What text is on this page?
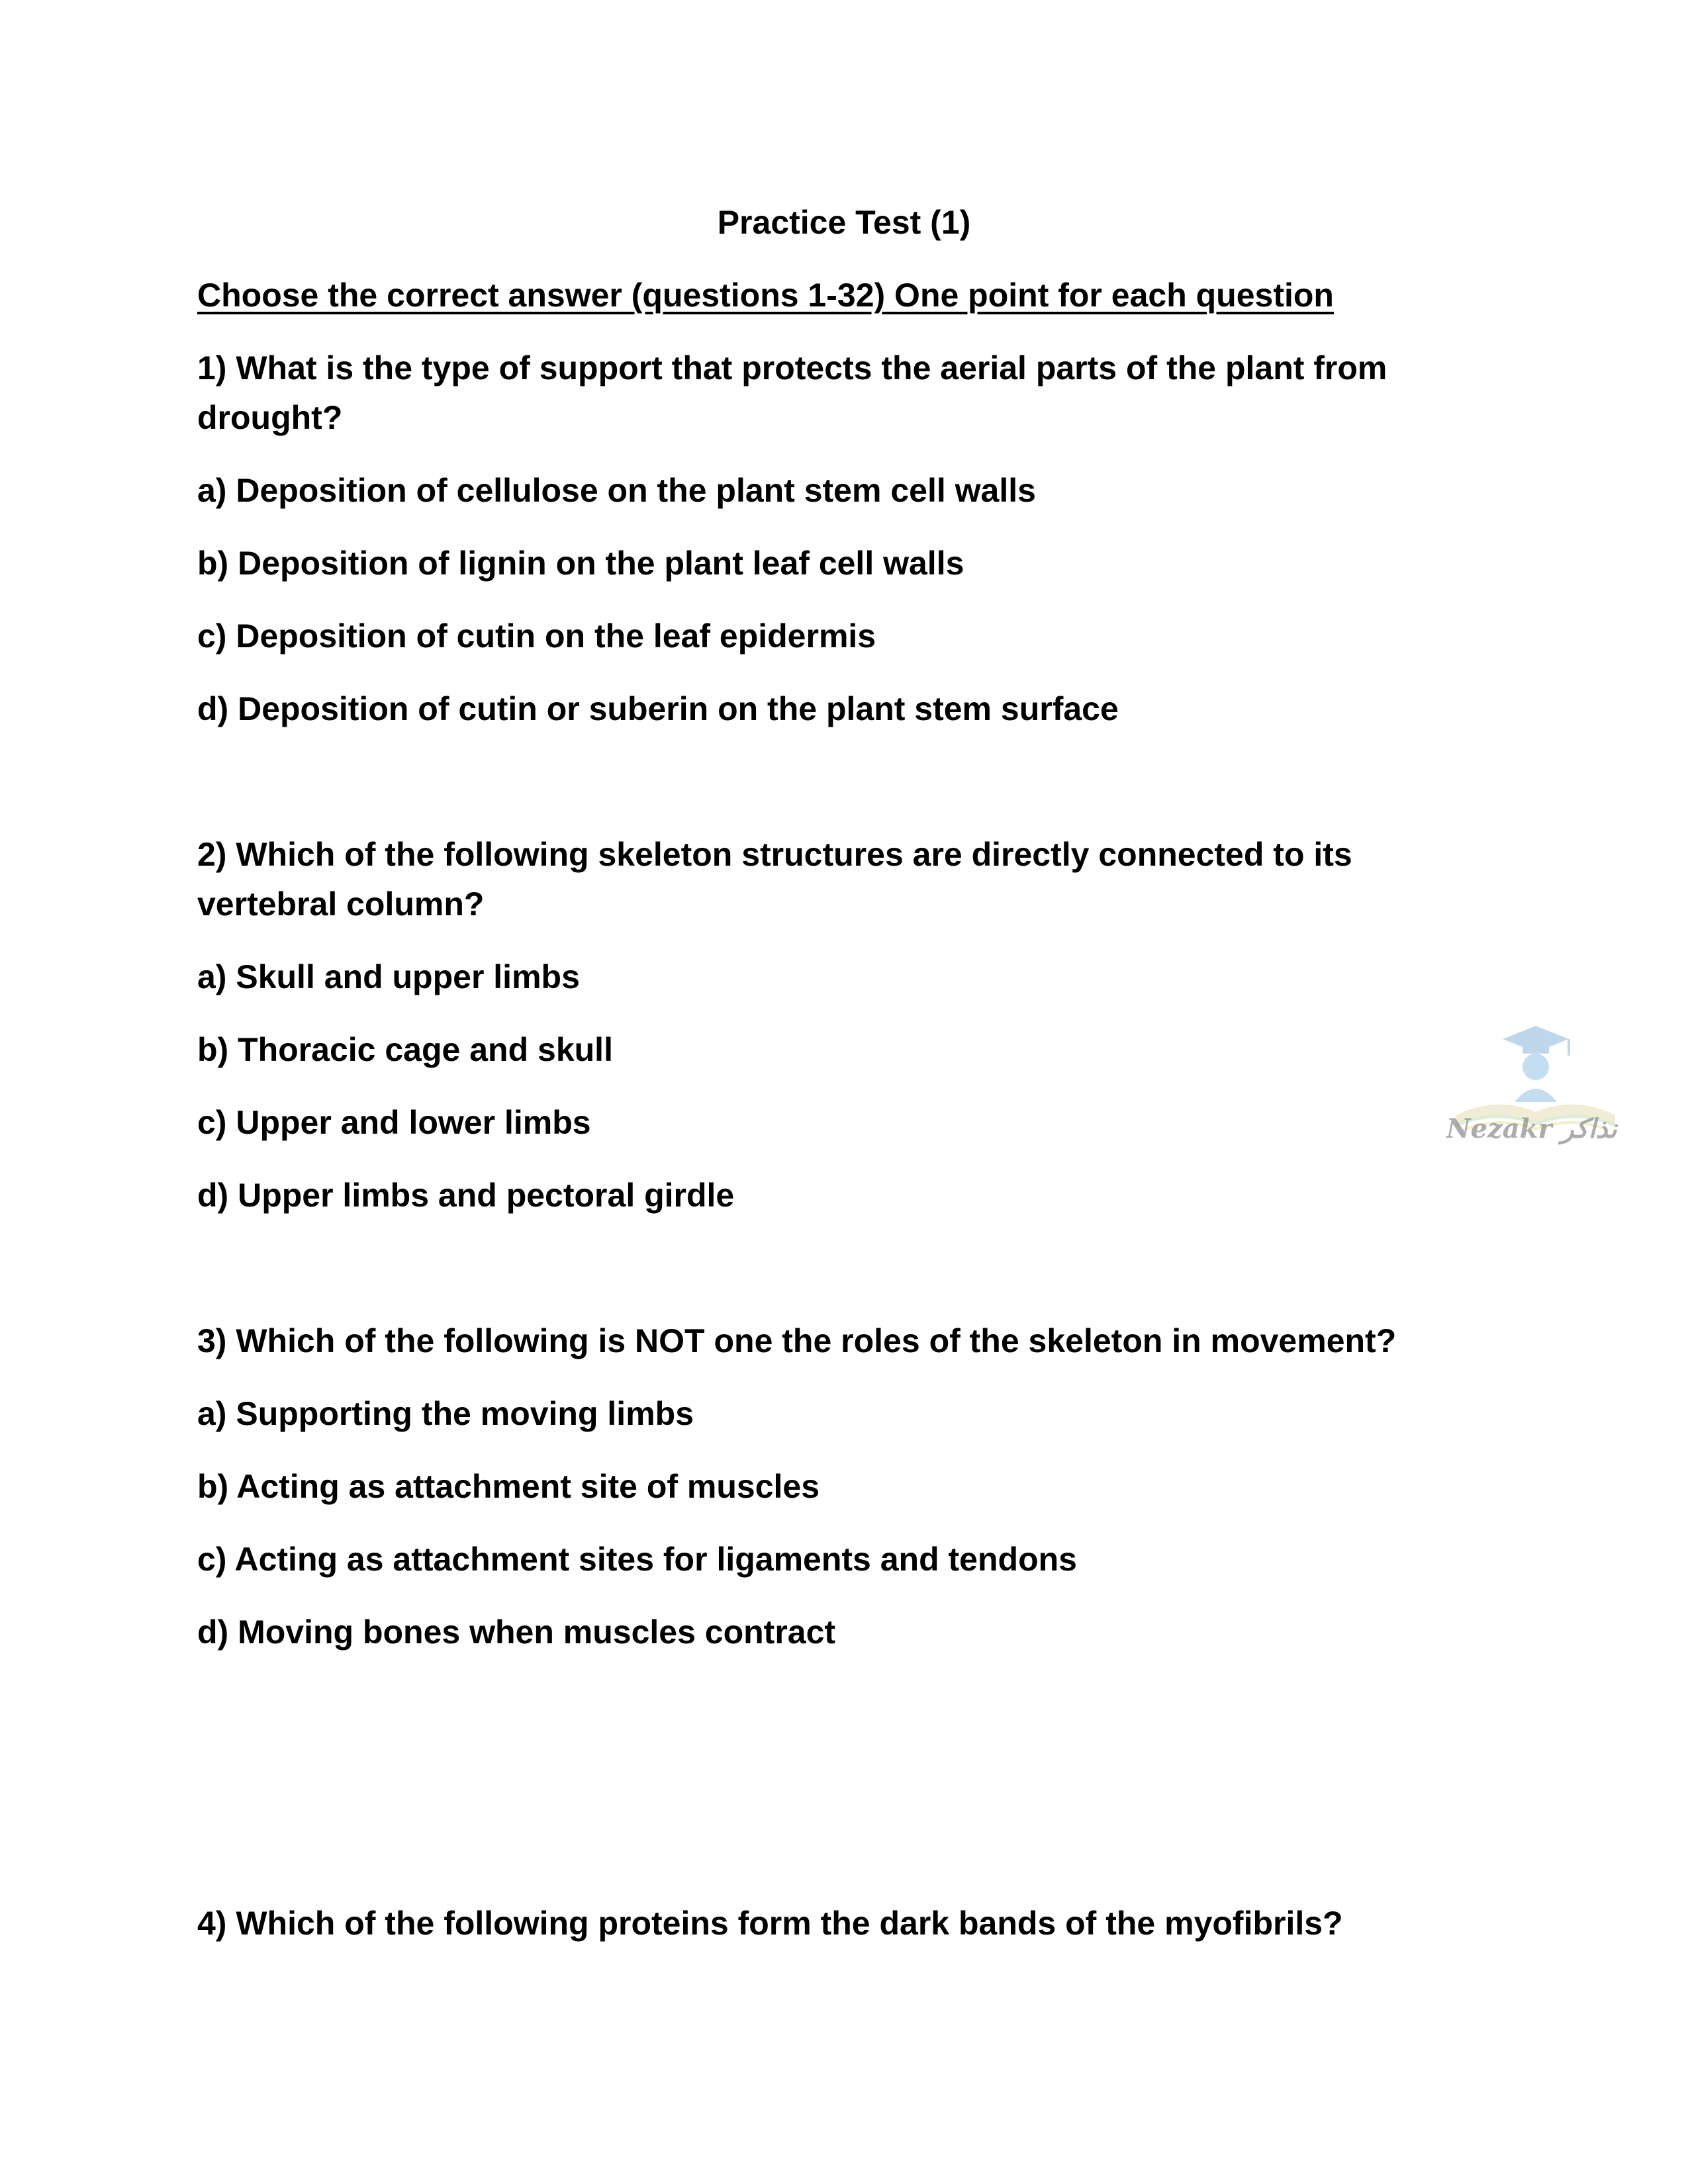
Practice Test (1)
Choose the correct answer (questions 1-32) One point for each question
1) What is the type of support that protects the aerial parts of the plant from
drought?
a) Deposition of cellulose on the plant stem cell walls
b) Deposition of lignin on the plant leaf cell walls
c) Deposition of cutin on the leaf epidermis
d) Deposition of cutin or suberin on the plant stem surface
2) Which of the following skeleton structures are directly connected to its
vertebral column?
a) Skull and upper limbs
b) Thoracic cage and skull
c) Upper and lower limbs
d) Upper limbs and pectoral girdle
3) Which of the following is NOT one the roles of the skeleton in movement?
a) Supporting the moving limbs
b) Acting as attachment site of muscles
c) Acting as attachment sites for ligaments and tendons
d) Moving bones when muscles contract
4) Which of the following proteins form the dark bands of the myofibrils?
Nezakr نذاكر
